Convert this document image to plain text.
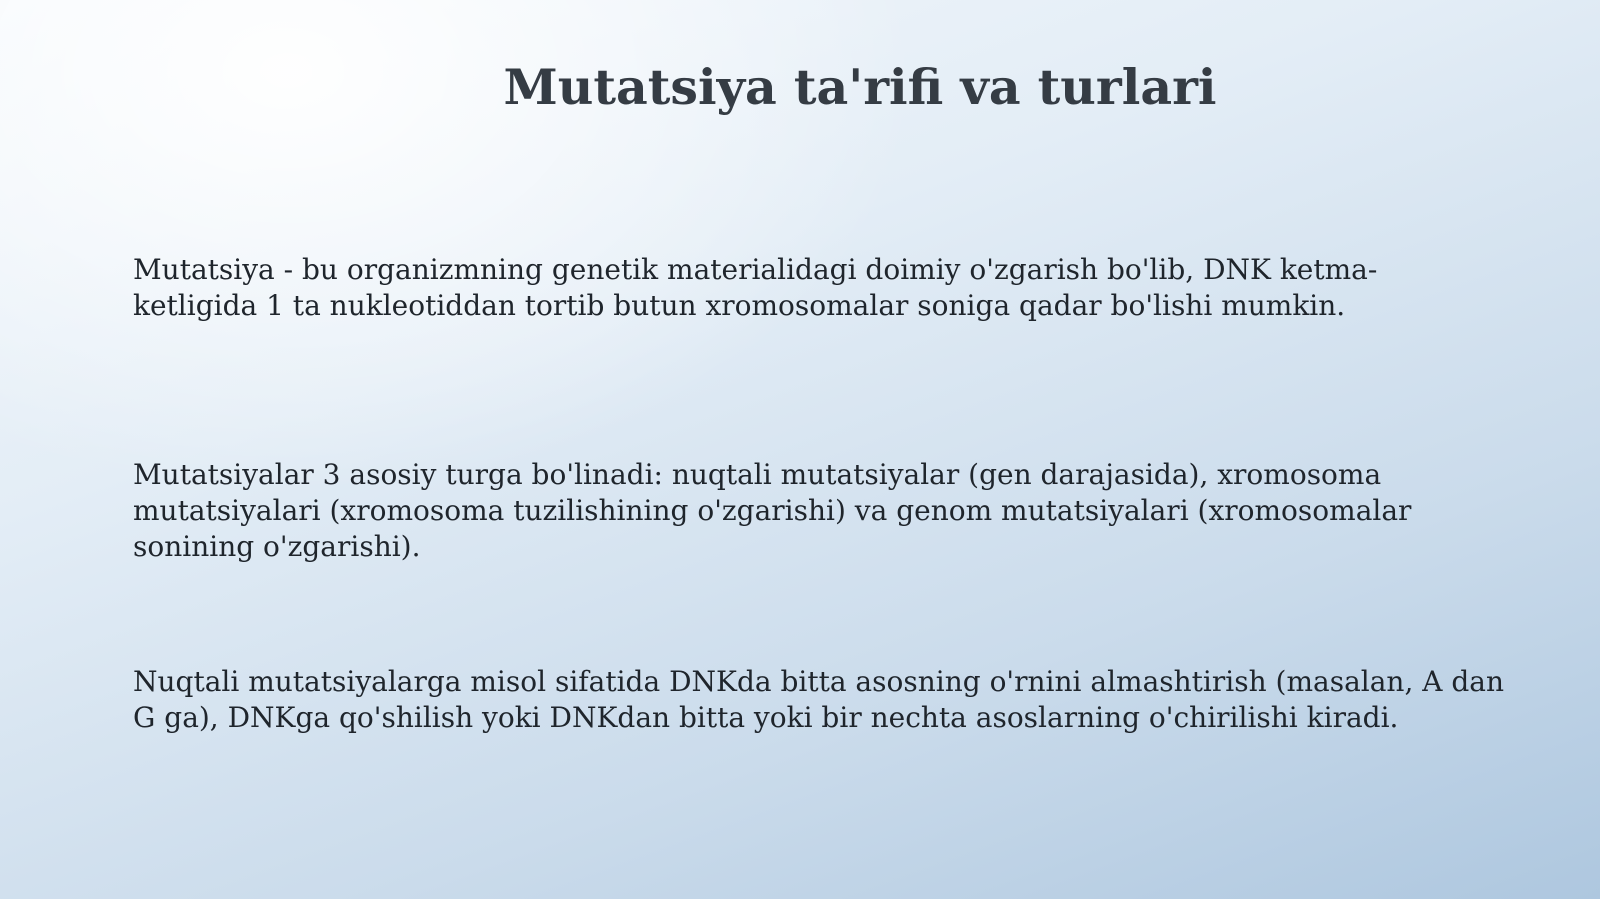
Mutatsiya ta'rifi va turlari

Mutatsiya - bu organizmning genetik materialidagi doimiy o'zgarish bo'lib, DNK ketma-ketligida 1 ta nukleotiddan tortib butun xromosomalar soniga qadar bo'lishi mumkin.

Mutatsiyalar 3 asosiy turga bo'linadi: nuqtali mutatsiyalar (gen darajasida), xromosoma mutatsiyalari (xromosoma tuzilishining o'zgarishi) va genom mutatsiyalari (xromosomalar sonining o'zgarishi).

Nuqtali mutatsiyalarga misol sifatida DNKda bitta asosning o'rnini almashtirish (masalan, A dan G ga), DNKga qo'shilish yoki DNKdan bitta yoki bir nechta asoslarning o'chirilishi kiradi.
